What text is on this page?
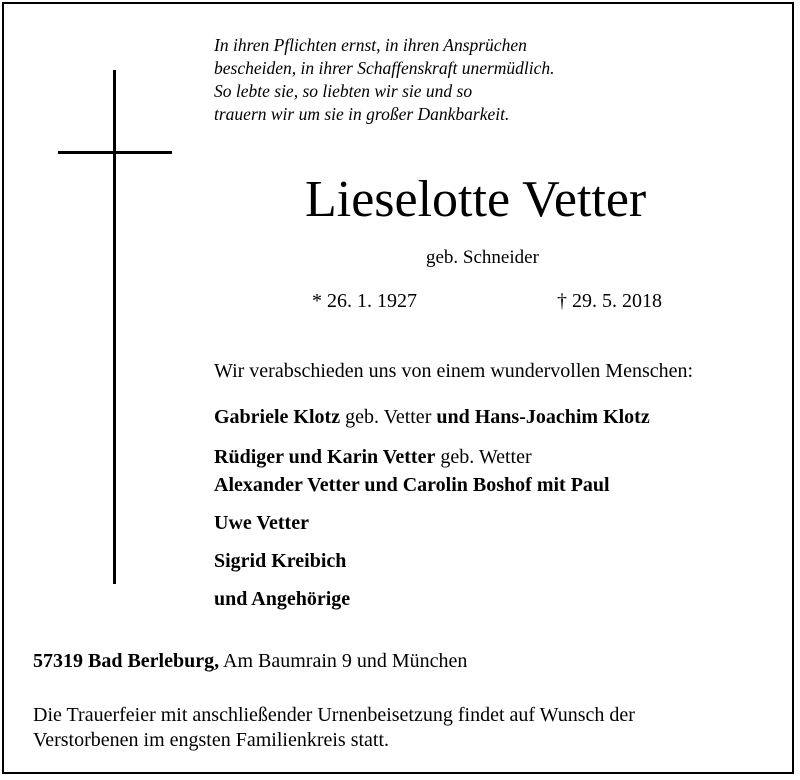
In ihren Pflichten ernst, in ihren Ansprüchen
bescheiden, in ihrer Schaffenskraft unermüdlich.
So lebte sie, so liebten wir sie und so
trauern wir um sie in großer Dankbarkeit.
Lieselotte Vetter
geb. Schneider
* 26. 1. 1927	† 29. 5. 2018
Wir verabschieden uns von einem wundervollen Menschen:
Gabriele Klotz geb. Vetter und Hans-Joachim Klotz
Rüdiger und Karin Vetter geb. Wetter
Alexander Vetter und Carolin Boshof mit Paul
Uwe Vetter
Sigrid Kreibich
und Angehörige
57319 Bad Berleburg, Am Baumrain 9 und München
Die Trauerfeier mit anschließender Urnenbeisetzung findet auf Wunsch der
Verstorbenen im engsten Familienkreis statt.
